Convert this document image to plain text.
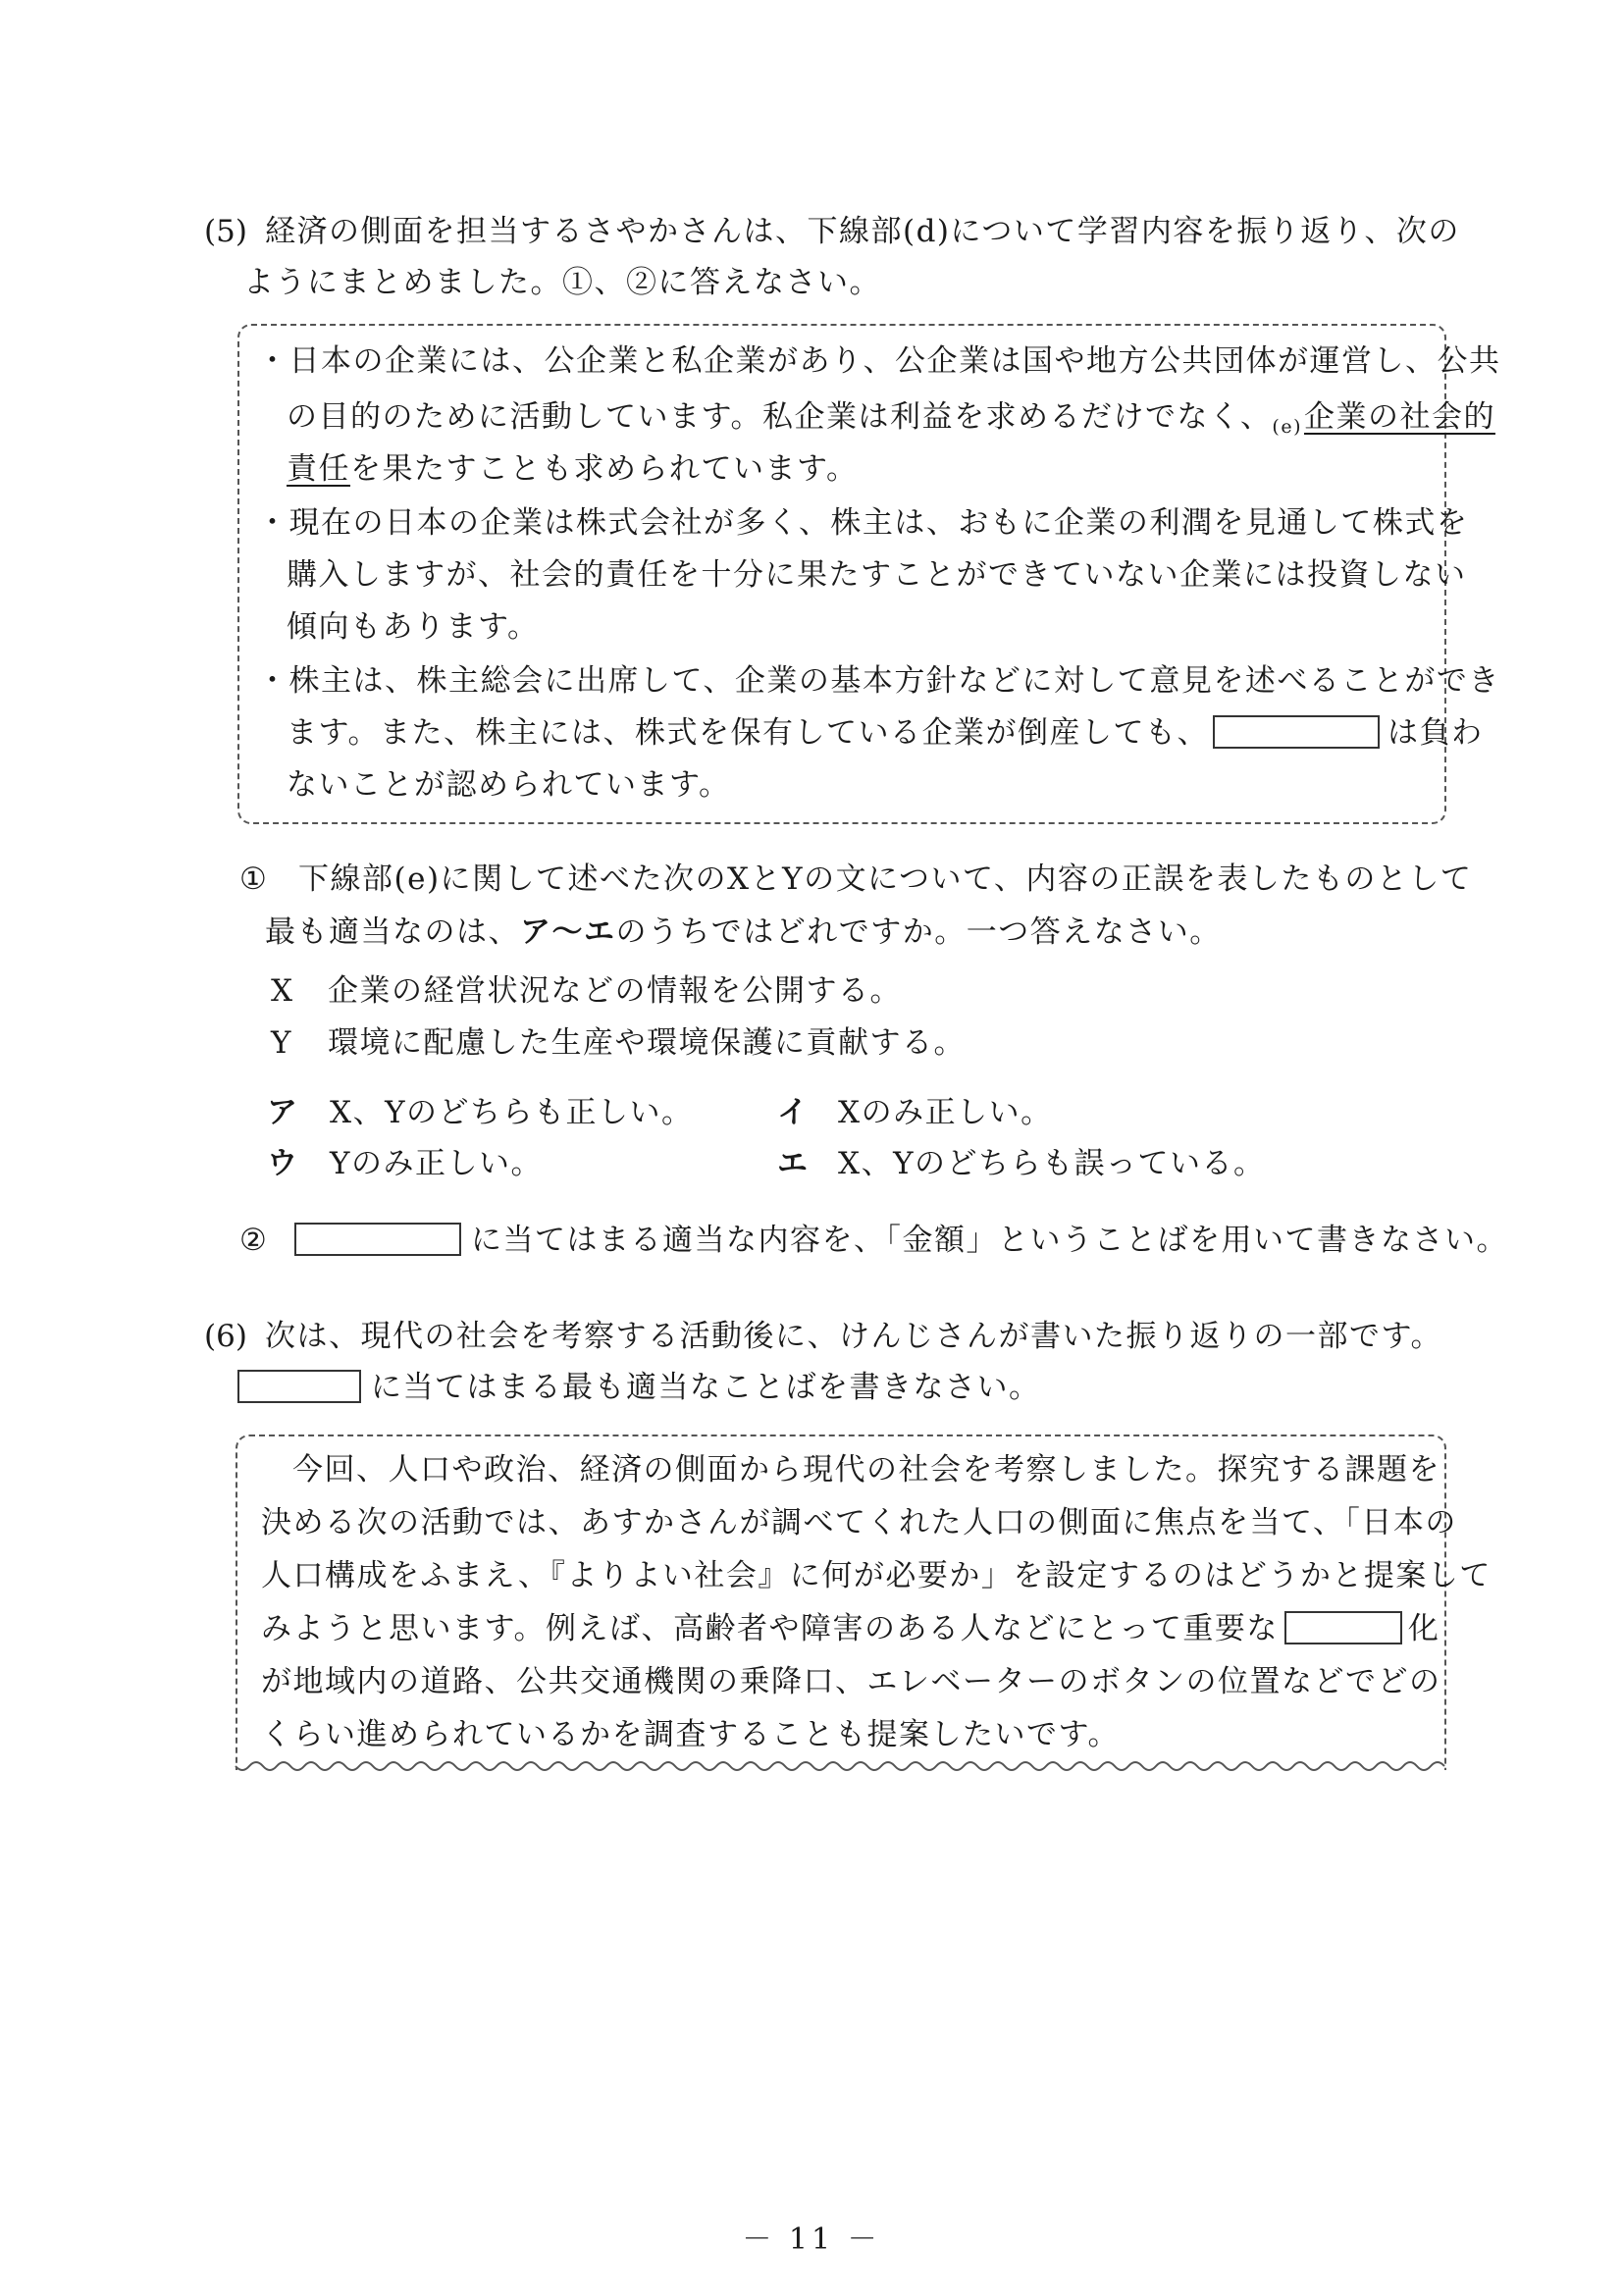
(5) 経済の側面を担当するさやかさんは、下線部(d)について学習内容を振り返り、次の
ようにまとめました。①、②に答えなさい。
・日本の企業には、公企業と私企業があり、公企業は国や地方公共団体が運営し、公共
の目的のために活動しています。私企業は利益を求めるだけでなく、$_{(e)}$企業の社会的
責任を果たすことも求められています。
・現在の日本の企業は株式会社が多く、株主は、おもに企業の利潤を見通して株式を
購入しますが、社会的責任を十分に果たすことができていない企業には投資しない
傾向もあります。
・株主は、株主総会に出席して、企業の基本方針などに対して意見を述べることができ
ます。また、株主には、株式を保有している企業が倒産しても、	は負わ
ないことが認められています。
① 下線部(e)に関して述べた次のXとYの文について、内容の正誤を表したものとして
最も適当なのは、ア〜エのうちではどれですか。一つ答えなさい。
X 企業の経営状況などの情報を公開する。
Y 環境に配慮した生産や環境保護に貢献する。
ア X、Yのどちらも正しい。	イ Xのみ正しい。
ウ Yのみ正しい。	エ X、Yのどちらも誤っている。
②	に当てはまる適当な内容を、「金額」ということばを用いて書きなさい。
(6) 次は、現代の社会を考察する活動後に、けんじさんが書いた振り返りの一部です。
に当てはまる最も適当なことばを書きなさい。
今回、人口や政治、経済の側面から現代の社会を考察しました。探究する課題を
決める次の活動では、あすかさんが調べてくれた人口の側面に焦点を当て、「日本の
人口構成をふまえ、『よりよい社会』に何が必要か」を設定するのはどうかと提案して
みようと思います。例えば、高齢者や障害のある人などにとって重要な	化
が地域内の道路、公共交通機関の乗降口、エレベーターのボタンの位置などでどの
くらい進められているかを調査することも提案したいです。
－ 11 －
